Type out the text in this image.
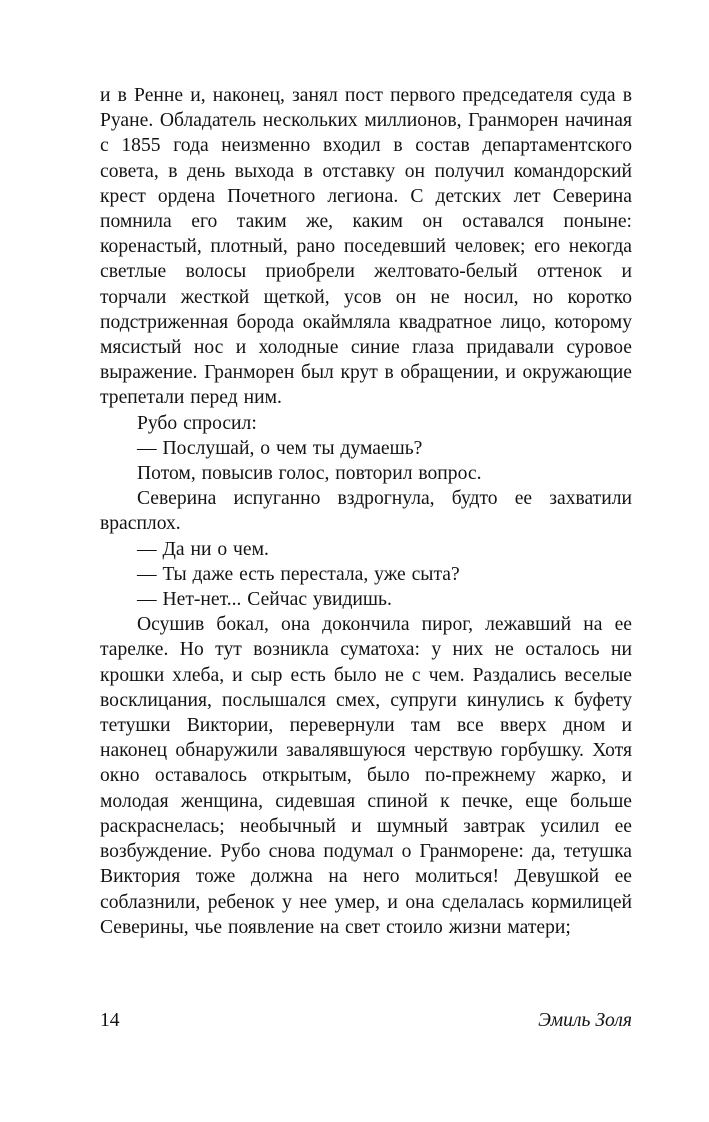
и в Ренне и, наконец, занял пост первого председателя суда в Руане. Обладатель нескольких миллионов, Гранморен начиная с 1855 года неизменно входил в состав департаментского совета, в день выхода в отставку он получил командорский крест ордена Почетного легиона. С детских лет Северина помнила его таким же, каким он оставался поныне: коренастый, плотный, рано поседевший человек; его некогда светлые волосы приобрели желтовато-белый оттенок и торчали жесткой щеткой, усов он не носил, но коротко подстриженная борода окаймляла квадратное лицо, которому мясистый нос и холодные синие глаза придавали суровое выражение. Гранморен был крут в обращении, и окружающие трепетали перед ним.

Рубо спросил:

— Послушай, о чем ты думаешь?

Потом, повысив голос, повторил вопрос.

Северина испуганно вздрогнула, будто ее захватили врасплох.

— Да ни о чем.

— Ты даже есть перестала, уже сыта?

— Нет-нет... Сейчас увидишь.

Осушив бокал, она докончила пирог, лежавший на ее тарелке. Но тут возникла суматоха: у них не осталось ни крошки хлеба, и сыр есть было не с чем. Раздались веселые восклицания, послышался смех, супруги кинулись к буфету тетушки Виктории, перевернули там все вверх дном и наконец обнаружили завалявшуюся черствую горбушку. Хотя окно оставалось открытым, было по-прежнему жарко, и молодая женщина, сидевшая спиной к печке, еще больше раскраснелась; необычный и шумный завтрак усилил ее возбуждение. Рубо снова подумал о Гранморене: да, тетушка Виктория тоже должна на него молиться! Девушкой ее соблазнили, ребенок у нее умер, и она сделалась кормилицей Северины, чье появление на свет стоило жизни матери;

14	Эмиль Золя
